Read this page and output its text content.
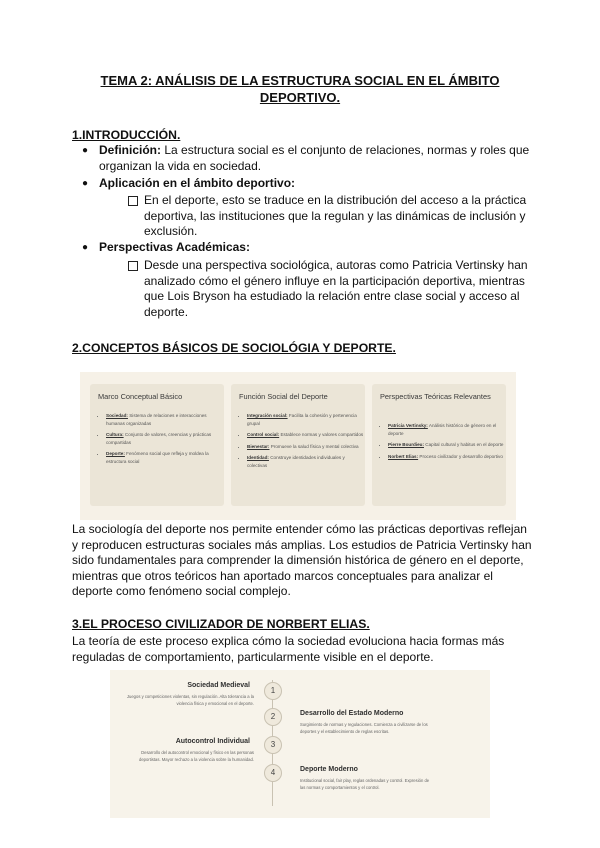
TEMA 2: ANÁLISIS DE LA ESTRUCTURA SOCIAL EN EL ÁMBITO
DEPORTIVO.
1.INTRODUCCIÓN.
● Definición: La estructura social es el conjunto de relaciones, normas y roles que organizan la vida en sociedad.
● Aplicación en el ámbito deportivo:
En el deporte, esto se traduce en la distribución del acceso a la práctica deportiva, las instituciones que la regulan y las dinámicas de inclusión y exclusión.
● Perspectivas Académicas:
Desde una perspectiva sociológica, autoras como Patricia Vertinsky han analizado cómo el género influye en la participación deportiva, mientras que Lois Bryson ha estudiado la relación entre clase social y acceso al deporte.
2.CONCEPTOS BÁSICOS DE SOCIOLÓGIA Y DEPORTE.
Marco Conceptual Básico
• Sociedad: Sistema de relaciones e interacciones humanas organizadas
• Cultura: Conjunto de valores, creencias y prácticas compartidas
• Deporte: Fenómeno social que refleja y moldea la estructura social
Función Social del Deporte
• Integración social: Facilita la cohesión y pertenencia grupal
• Control social: Establece normas y valores compartidos
• Bienestar: Promueve la salud física y mental colectiva
• Identidad: Construye identidades individuales y colectivas
Perspectivas Teóricas Relevantes
• Patricia Vertinsky: Análisis histórico de género en el deporte
• Pierre Bourdieu: Capital cultural y habitus en el deporte
• Norbert Elias: Proceso civilizador y desarrollo deportivo
La sociología del deporte nos permite entender cómo las prácticas deportivas reflejan y reproducen estructuras sociales más amplias. Los estudios de Patricia Vertinsky han sido fundamentales para comprender la dimensión histórica de género en el deporte, mientras que otros teóricos han aportado marcos conceptuales para analizar el deporte como fenómeno social complejo.
3.EL PROCESO CIVILIZADOR DE NORBERT ELIAS.
La teoría de este proceso explica cómo la sociedad evoluciona hacia formas más reguladas de comportamiento, particularmente visible en el deporte.
1
Sociedad Medieval
Juegos y competiciones violentas, sin regulación. Alta tolerancia a la violencia física y emocional en el deporte.
2	Desarrollo del Estado Moderno
Surgimiento de normas y regulaciones. Comienza a civilizarse de los deportes y el establecimiento de reglas escritas.
3
Autocontrol Individual
Desarrollo del autocontrol emocional y físico en las personas deportistas. Mayor rechazo a la violencia sobre la humanidad.
4	Deporte Moderno
Institucional social, fair play, reglas ordenadas y control. Expresión de las normas y comportamientos y el control.
